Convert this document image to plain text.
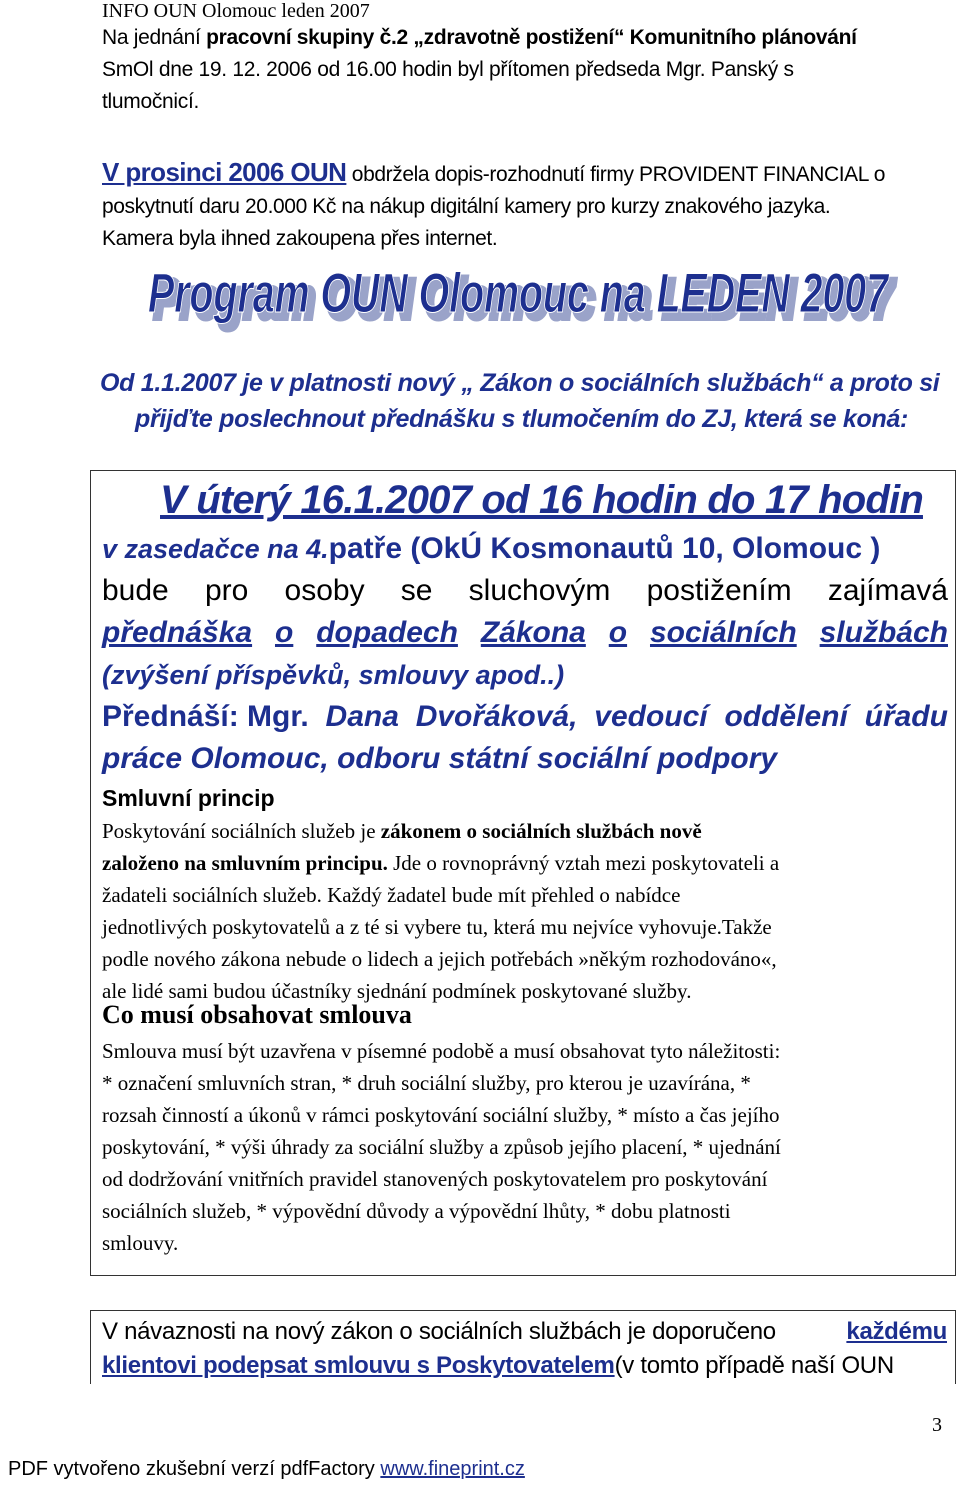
INFO OUN Olomouc leden 2007
Na jednání pracovní skupiny č.2 „zdravotně postižení“ Komunitního plánování
SmOl dne 19. 12. 2006 od 16.00 hodin byl přítomen předseda Mgr. Panský s
tlumočnicí.
V prosinci 2006 OUN obdržela dopis-rozhodnutí firmy PROVIDENT FINANCIAL o
poskytnutí daru 20.000 Kč na nákup digitální kamery pro kurzy znakového jazyka.
Kamera byla ihned zakoupena přes internet.
Program OUN Olomouc na LEDEN 2007
Program OUN Olomouc na LEDEN 2007
Od 1.1.2007 je v platnosti nový „ Zákon o sociálních službách“ a proto si
přijďte poslechnout přednášku s tlumočením do ZJ, která se koná:
V úterý 16.1.2007 od 16 hodin do 17 hodin
v zasedačce na 4. patře (OkÚ Kosmonautů 10, Olomouc )
bude pro osoby se sluchovým postižením zajímavá
přednáška o dopadech Zákona o sociálních službách
(zvýšení příspěvků, smlouvy apod..)
Přednáší: Mgr. Dana Dvořáková, vedoucí oddělení úřadu
práce Olomouc, odboru státní sociální podpory
Smluvní princip
Poskytování sociálních služeb je zákonem o sociálních službách nově
založeno na smluvním principu. Jde o rovnoprávný vztah mezi poskytovateli a
žadateli sociálních služeb. Každý žadatel bude mít přehled o nabídce
jednotlivých poskytovatelů a z té si vybere tu, která mu nejvíce vyhovuje.Takže
podle nového zákona nebude o lidech a jejich potřebách »někým rozhodováno«,
ale lidé sami budou účastníky sjednání podmínek poskytované služby.
Co musí obsahovat smlouva
Smlouva musí být uzavřena v písemné podobě a musí obsahovat tyto náležitosti:
* označení smluvních stran, * druh sociální služby, pro kterou je uzavírána, *
rozsah činností a úkonů v rámci poskytování sociální služby, * místo a čas jejího
poskytování, * výši úhrady za sociální služby a způsob jejího placení, * ujednání
od dodržování vnitřních pravidel stanovených poskytovatelem pro poskytování
sociálních služeb, * výpovědní důvody a výpovědní lhůty, * dobu platnosti
smlouvy.
V návaznosti na nový zákon o sociálních službách je doporučeno	každému
klientovi podepsat smlouvu s Poskytovatelem (v tomto případě naší OUN
3
PDF vytvořeno zkušební verzí pdfFactory www.fineprint.cz
